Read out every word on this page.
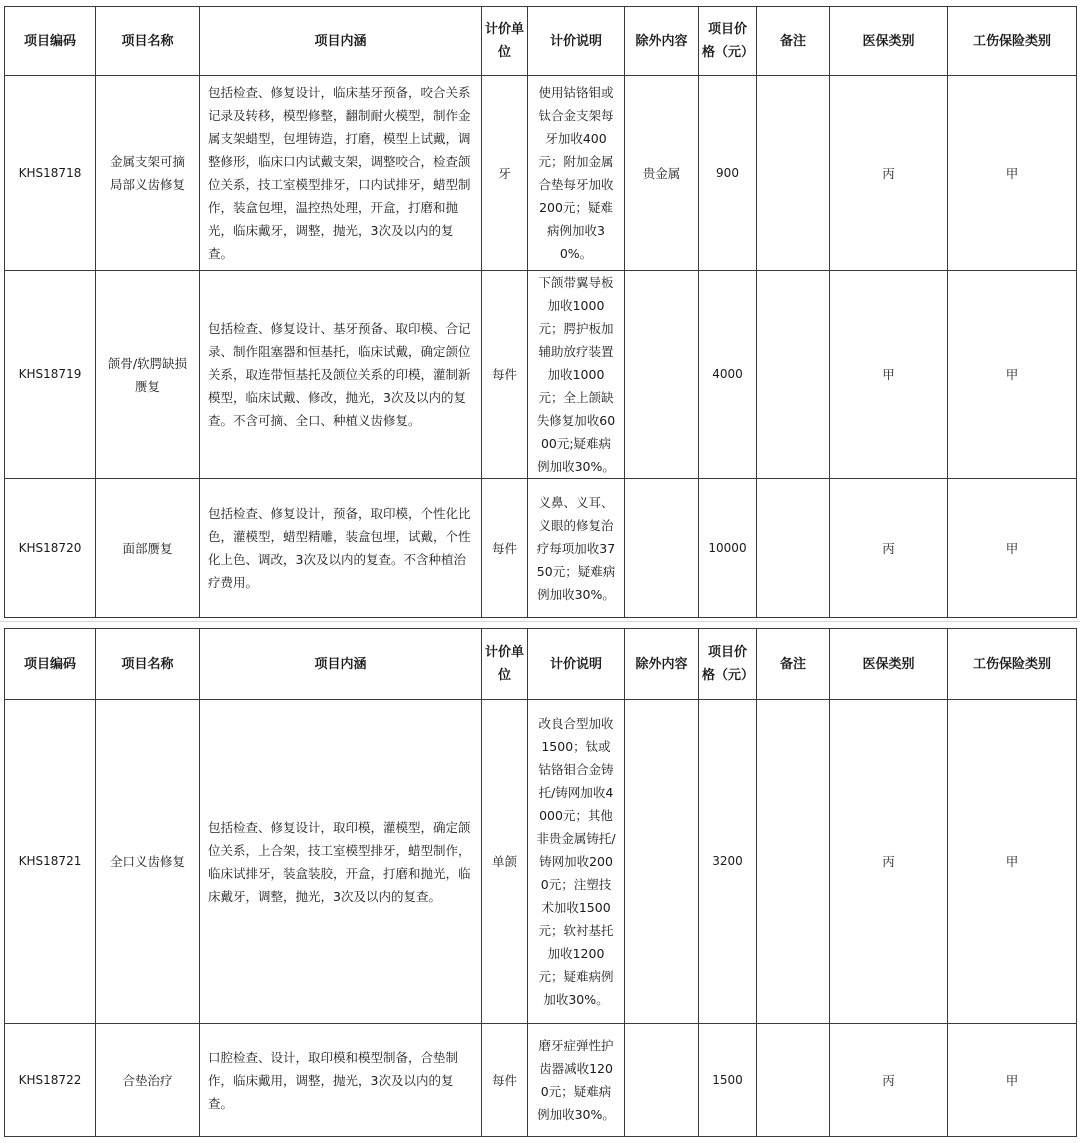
项目编码	项目名称	项目内涵	计价单位	计价说明	除外内容	项目价格（元）	备注	医保类别	工伤保险类别
KHS18718	金属支架可摘局部义齿修复	包括检查、修复设计，临床基牙预备，咬合关系记录及转移，模型修整，翻制耐火模型，制作金属支架蜡型，包埋铸造，打磨，模型上试戴，调整修形，临床口内试戴支架，调整咬合，检查颌位关系，技工室模型排牙，口内试排牙，蜡型制作，装盒包埋，温控热处理，开盒，打磨和抛光，临床戴牙，调整，抛光，3次及以内的复查。	牙	使用钴铬钼或钛合金支架每牙加收400元；附加金属合垫每牙加收200元；疑难病例加收30%。	贵金属	900		丙	甲
KHS18719	颌骨/软腭缺损赝复	包括检查、修复设计、基牙预备、取印模、合记录、制作阻塞器和恒基托，临床试戴，确定颌位关系，取连带恒基托及颌位关系的印模，灌制新模型，临床试戴、修改，抛光，3次及以内的复查。不含可摘、全口、种植义齿修复。	每件	下颌带翼导板加收1000元；腭护板加辅助放疗装置加收1000元；全上颌缺失修复加收6000元;疑难病例加收30%。		4000		甲	甲
KHS18720	面部赝复	包括检查、修复设计，预备，取印模，个性化比色，灌模型，蜡型精雕，装盒包埋，试戴，个性化上色、调改，3次及以内的复查。不含种植治疗费用。	每件	义鼻、义耳、义眼的修复治疗每项加收3750元；疑难病例加收30%。		10000		丙	甲
项目编码	项目名称	项目内涵	计价单位	计价说明	除外内容	项目价格（元）	备注	医保类别	工伤保险类别
KHS18721	全口义齿修复	包括检查、修复设计，取印模，灌模型，确定颌位关系，上合架，技工室模型排牙，蜡型制作，临床试排牙，装盒装胶，开盒，打磨和抛光，临床戴牙，调整，抛光，3次及以内的复查。	单颌	改良合型加收1500；钛或钴铬钼合金铸托/铸网加收4000元；其他非贵金属铸托/铸网加收2000元；注塑技术加收1500元；软衬基托加收1200元；疑难病例加收30%。		3200		丙	甲
KHS18722	合垫治疗	口腔检查、设计，取印模和模型制备，合垫制作，临床戴用，调整，抛光，3次及以内的复查。	每件	磨牙症弹性护齿器减收1200元；疑难病例加收30%。		1500		丙	甲
